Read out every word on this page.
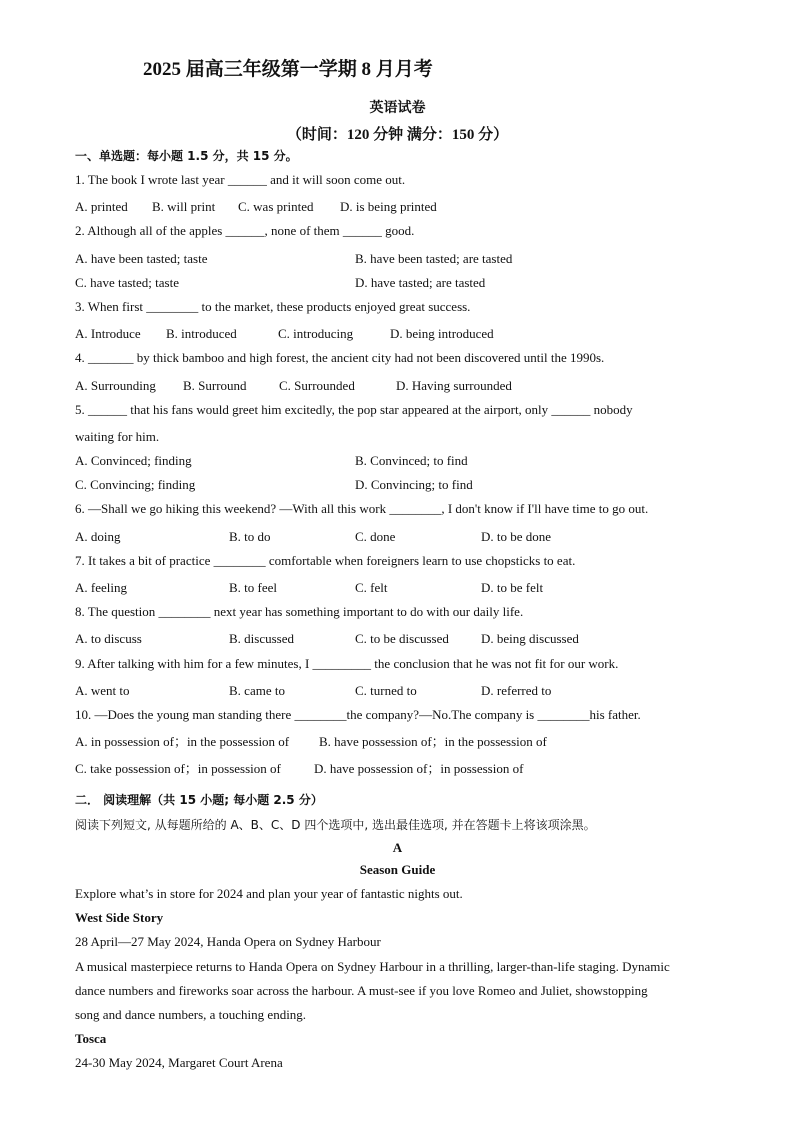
2025 届高三年级第一学期 8 月月考
英语试卷
（时间：120 分钟 满分：150 分）
一、单选题：每小题 1.5 分，共 15 分。
1. The book I wrote last year ______ and it will soon come out.
A. printed B. will print C. was printed D. is being printed
2. Although all of the apples ______, none of them ______ good.
A. have been tasted; taste	B. have been tasted; are tasted
C. have tasted; taste	D. have tasted; are tasted
3. When first ________ to the market, these products enjoyed great success.
A. Introduce B. introduced	C. introducing	D. being introduced
4. _______ by thick bamboo and high forest, the ancient city had not been discovered until the 1990s.
A. Surrounding B. Surround C. Surrounded	D. Having surrounded
5. ______ that his fans would greet him excitedly, the pop star appeared at the airport, only ______ nobody
waiting for him.
A. Convinced; finding	B. Convinced; to find
C. Convincing; finding	D. Convincing; to find
6. —Shall we go hiking this weekend? —With all this work ________, I don't know if I'll have time to go out.
A. doing	B. to do	C. done	D. to be done
7. It takes a bit of practice ________ comfortable when foreigners learn to use chopsticks to eat.
A. feeling	B. to feel	C. felt	D. to be felt
8. The question ________ next year has something important to do with our daily life.
A. to discuss	B. discussed	C. to be discussed D. being discussed
9. After talking with him for a few minutes, I _________ the conclusion that he was not fit for our work.
A. went to	B. came to	C. turned to	D. referred to
10. —Does the young man standing there ________the company?—No.The company is ________his father.
A. in possession of；in the possession of B. have possession of；in the possession of
C. take possession of；in possession of	D. have possession of；in possession of
二． 阅读理解（共 15 小题; 每小题 2.5 分）
阅读下列短文, 从每题所给的 A、B、C、D 四个选项中, 选出最佳选项, 并在答题卡上将该项涂黑。
A
Season Guide
Explore what’s in store for 2024 and plan your year of fantastic nights out.
West Side Story
28 April—27 May 2024, Handa Opera on Sydney Harbour
A musical masterpiece returns to Handa Opera on Sydney Harbour in a thrilling, larger-than-life staging. Dynamic
dance numbers and fireworks soar across the harbour. A must-see if you love Romeo and Juliet, showstopping
song and dance numbers, a touching ending.
Tosca
24-30 May 2024, Margaret Court Arena
